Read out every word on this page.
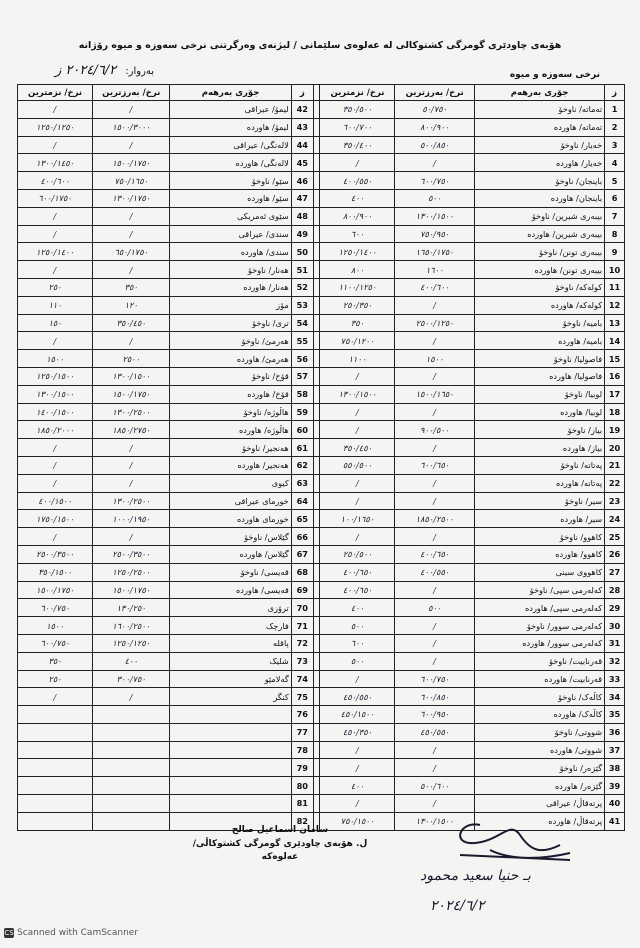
هۆبەی چاودێری گومرگی کشتوکالی لە عەلوەی سلێمانی / لیژنەی وەرگرتنی نرخی سەوزە و میوە رۆژانە
نرخی سەوزە و میوە
بەروار: ٢٠٢٤/٦/٢ ز
ز	جۆری بەرهەم	نرخ/ بەرزترین	نرخ/ نزمترین		ز	جۆری بەرهەم	نرخ/ بەرزترین	نرخ/ نزمترین
1	تەماتە/ ناوخۆ	٥٠/٧٥٠	٣٥٠/٥٠٠		42	لیمۆ/ عیراقی	/	/
2	تەماتە/ هاوردە	٨٠٠/٩٠٠	٦٠٠/٧٠٠		43	لیمۆ/ هاوردە	١٥٠٠/٣٠٠٠	١٢٥٠/١٢٥٠
3	خەیار/ ناوخۆ	٥٠٠/٨٥٠	٣٥٠/٤٠٠		44	لالەنگی/ عیراقی	/	/
4	خەیار/ هاوردە	/	/		45	لالەنگی/ هاوردە	١٥٠٠/١٧٥٠	١٣٠٠/١٤٥٠
5	باینجان/ ناوخۆ	٦٠٠/٧٥٠	٤٠٠/٥٥٠		46	سێو/ ناوخۆ	٧٥٠/١٦٥٠	٤٠٠/٦٠٠
6	باینجان/ هاوردە	٥٠٠	٤٠٠		47	سێو/ هاوردە	١٣٠٠/١٧٥٠	٦٠٠/١٧٥٠
7	بیبەری شیرین/ ناوخۆ	١٣٠٠/١٥٠٠	٨٠٠/٩٠٠		48	سێوی ئەمریکی	/	/
8	بیبەری شیرین/ هاوردە	٧٥٠/٩٥٠	٦٠٠		49	سندی/ عیراقی	/	/
9	بیبەری تونن/ ناوخۆ	١٦٥٠/١٧٥٠	١٢٥٠/١٤٠٠		50	سندی/ هاوردە	٦٥٠/١٧٥٠	١٢٥٠/١٤٠٠
10	بیبەری تونن/ هاوردە	١٦٠٠	٨٠٠		51	هەنار/ ناوخۆ	/	/
11	کولەکە/ ناوخۆ	٤٠٠/٦٠٠	١١٠٠/١٢٥٠		52	هەنار/ هاوردە	٣٥٠	٢٥٠
12	کولەکە/ هاوردە	/	٢٥٠/٣٥٠		53	مۆز	١٢٠	١١٠
13	بامیە/ ناوخۆ	٢٥٠٠/١٢٥٠	٣٥٠		54	تری/ ناوخۆ	٣٥٠/٤٥٠	١٥٠
14	بامیە/ هاوردە	/	٧٥٠/١٢٠٠		55	هەرمێ/ ناوخۆ	/	/
15	فاصولیا/ ناوخۆ	١٥٠٠	١١٠٠		56	هەرمێ/ هاوردە	٢٥٠٠	١٥٠٠
16	فاصولیا/ هاوردە	/	/		57	قۆخ/ ناوخۆ	١٣٠٠/١٥٠٠	١٢٥٠/١٥٠٠
17	لوبیا/ ناوخۆ	١٥٠٠/١٦٥٠	١٣٠٠/١٥٠٠		58	قۆخ/ هاوردە	١٥٠٠/١٧٥٠	١٣٠٠/١٥٠٠
18	لوبیا/ هاوردە	/	/		59	هاڵوژە/ ناوخۆ	١٣٠٠/٢٥٠٠	١٤٠٠/١٥٠٠
19	بیاز/ ناوخۆ	٩٠٠/٥٠٠	/		60	هاڵوژە/ هاوردە	١٨٥٠/٢٧٥٠	١٨٥٠/٢٠٠٠
20	بیاز/ هاوردە	/	٣٥٠/٤٥٠		61	هەنجیر/ ناوخۆ	/	/
21	پەتاتە/ ناوخۆ	٦٠٠/٦٥٠	٥٥٠/٥٠٠		62	هەنجیر/ هاوردە	/	/
22	پەتاتە/ هاوردە	/	/		63	کیوی	/	/
23	سیر/ ناوخۆ	/	/		64	خورمای عیراقی	١٣٠٠/٢٥٠٠	٤٠٠/١٥٠٠
24	سیر/ هاوردە	١٨٥٠/٢٥٠٠	١٠٠/١٦٥٠		65	خورمای هاوردە	١٠٠٠/١٩٥٠	١٧٥٠/١٥٠٠
25	کاهوو/ ناوخۆ	/	/		66	گێلاس/ ناوخۆ	/	/
26	کاهوو/ هاوردە	٤٠٠/٦٥٠	٢٥٠/٥٠٠		67	گێلاس/ هاوردە	٢٥٠٠/٣٥٠٠	٢٥٠٠/٣٥٠٠
27	کاهووی سینی	٤٠٠/٥٥٠	٤٠٠/٦٥٠		68	قەیسی/ ناوخۆ	١٢٥٠/٢٥٠٠	٣٥٠/١٥٠٠
28	کەلەرمی سپی/ ناوخۆ	/	٤٠٠/٦٥٠		69	قەیسی/ هاوردە	١٥٠٠/١٧٥٠	١٥٠٠/١٧٥٠
29	کەلەرمی سپی/ هاوردە	٥٠٠	٤٠٠		70	ترۆزی	١٣٠/٢٥٠	٦٠٠/٧٥٠
30	کەلەرمی سوور/ ناوخۆ	/	٥٠٠		71	فارچک	١٦٠٠/٢٥٠٠	١٥٠٠
31	کەلەرمی سوور/ هاوردە	/	٦٠٠		72	پاقلە	١٢٥٠/١٢٥٠	٦٠٠/٧٥٠
32	قەرنابیت/ ناوخۆ	/	٥٠٠		73	شلیک	٤٠٠	٣٥٠
33	قەرنابیت/ هاوردە	٦٠٠/٧٥٠	/		74	گەلامێو	٣٠٠/٧٥٠	٢٥٠
34	کاڵەک/ ناوخۆ	٦٠٠/٨٥٠	٤٥٠/٥٥٠		75	کنگر	/	/
35	کاڵەک/ هاوردە	٦٠٠/٩٥٠	٤٥٠/١٥٠٠		76			
36	شووتی/ ناوخۆ	٤٥٠/٥٥٠	٤٥٠/٣٥٠		77			
37	شووتی/ هاوردە	/	/		78			
38	گێزەر/ ناوخۆ	/	/		79			
39	گێزەر/ هاوردە	٥٠٠/٦٠٠	٤٠٠		80			
40	پرتەقاڵ/ عیراقی	/	/		81			
41	پرتەقاڵ/ هاوردە	١٣٠٠/١٥٠٠	٧٥٠/١٥٠٠		82			
سامان اسماعيل صالح
ل. هۆبەی چاودێری گومرگی کشتوکاڵی/عەلوەکە
بـ حنیا سعید محمود
٢٠٢٤/٦/٢
CS Scanned with CamScanner
